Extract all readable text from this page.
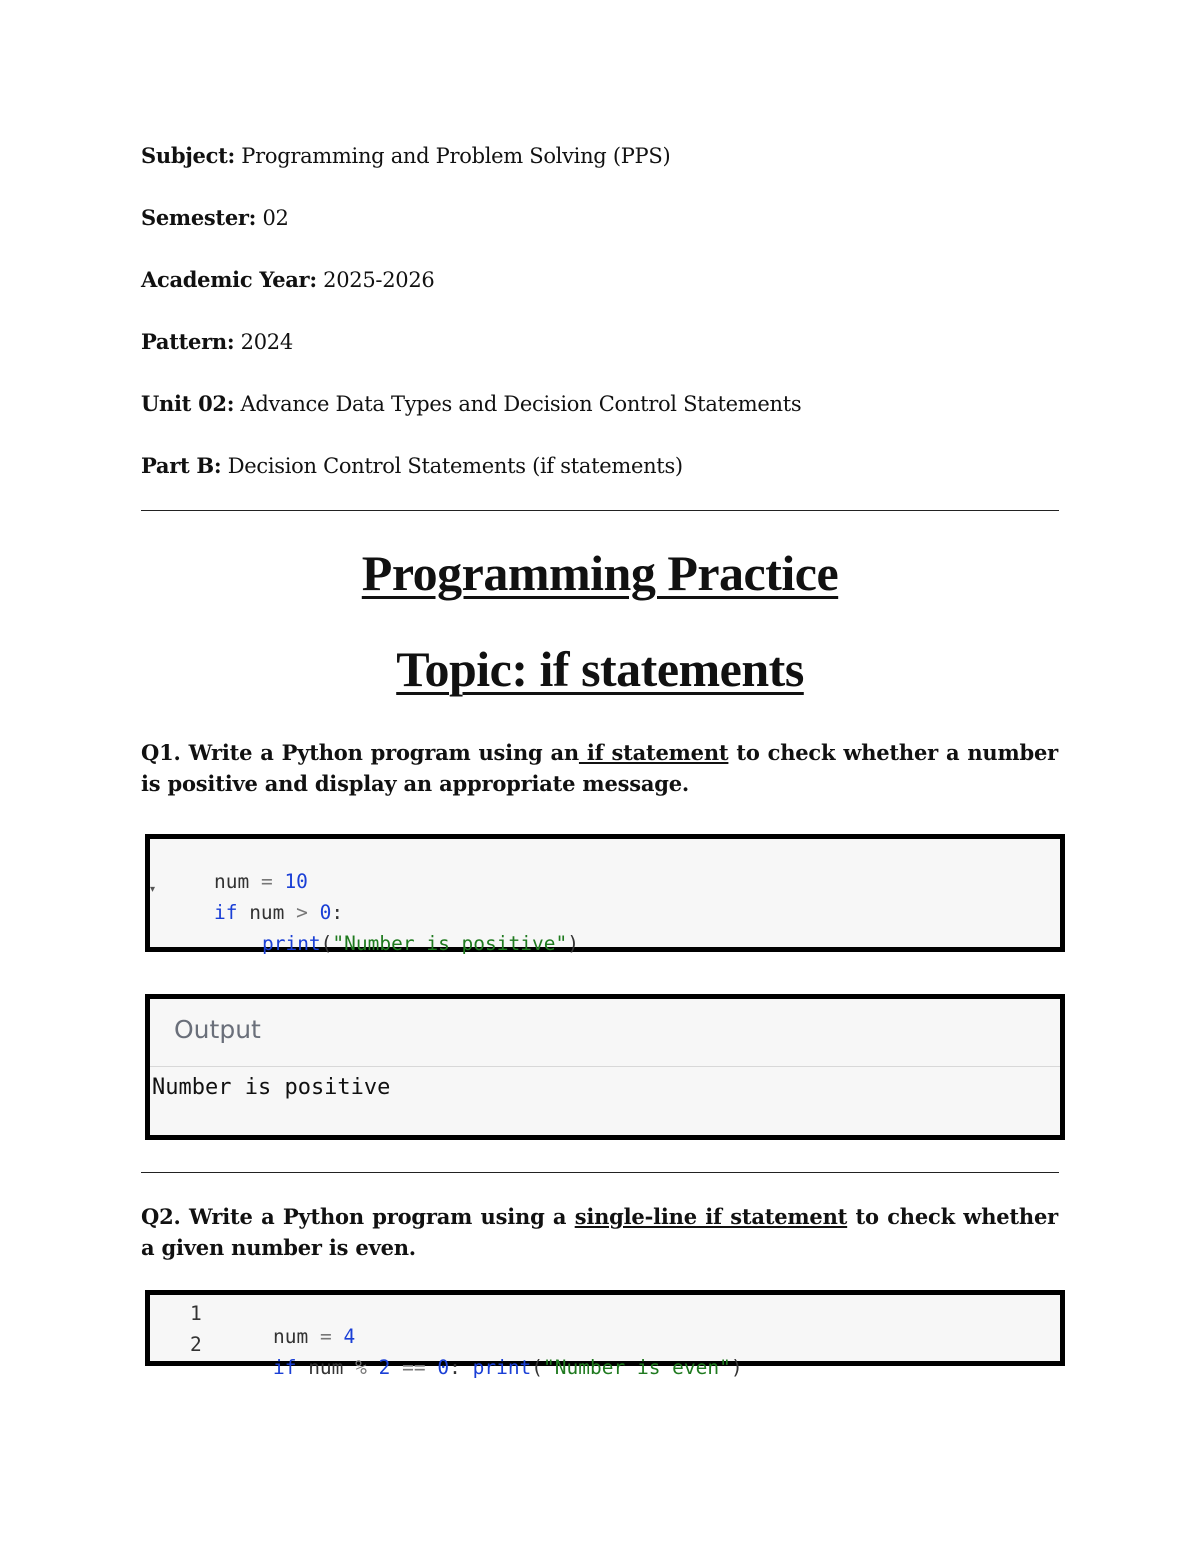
Subject: Programming and Problem Solving (PPS)
Semester: 02
Academic Year: 2025-2026
Pattern: 2024
Unit 02: Advance Data Types and Decision Control Statements
Part B: Decision Control Statements (if statements)
Programming Practice
Topic: if statements
Q1. Write a Python program using an if statement to check whether a number is positive and display an appropriate message.

num = 10

▾

if num > 0:

print("Number is positive")

Output
Number is positive
Q2. Write a Python program using a single-line if statement to check whether a given number is even.
1

num = 4

2

if num % 2 == 0: print("Number is even")
